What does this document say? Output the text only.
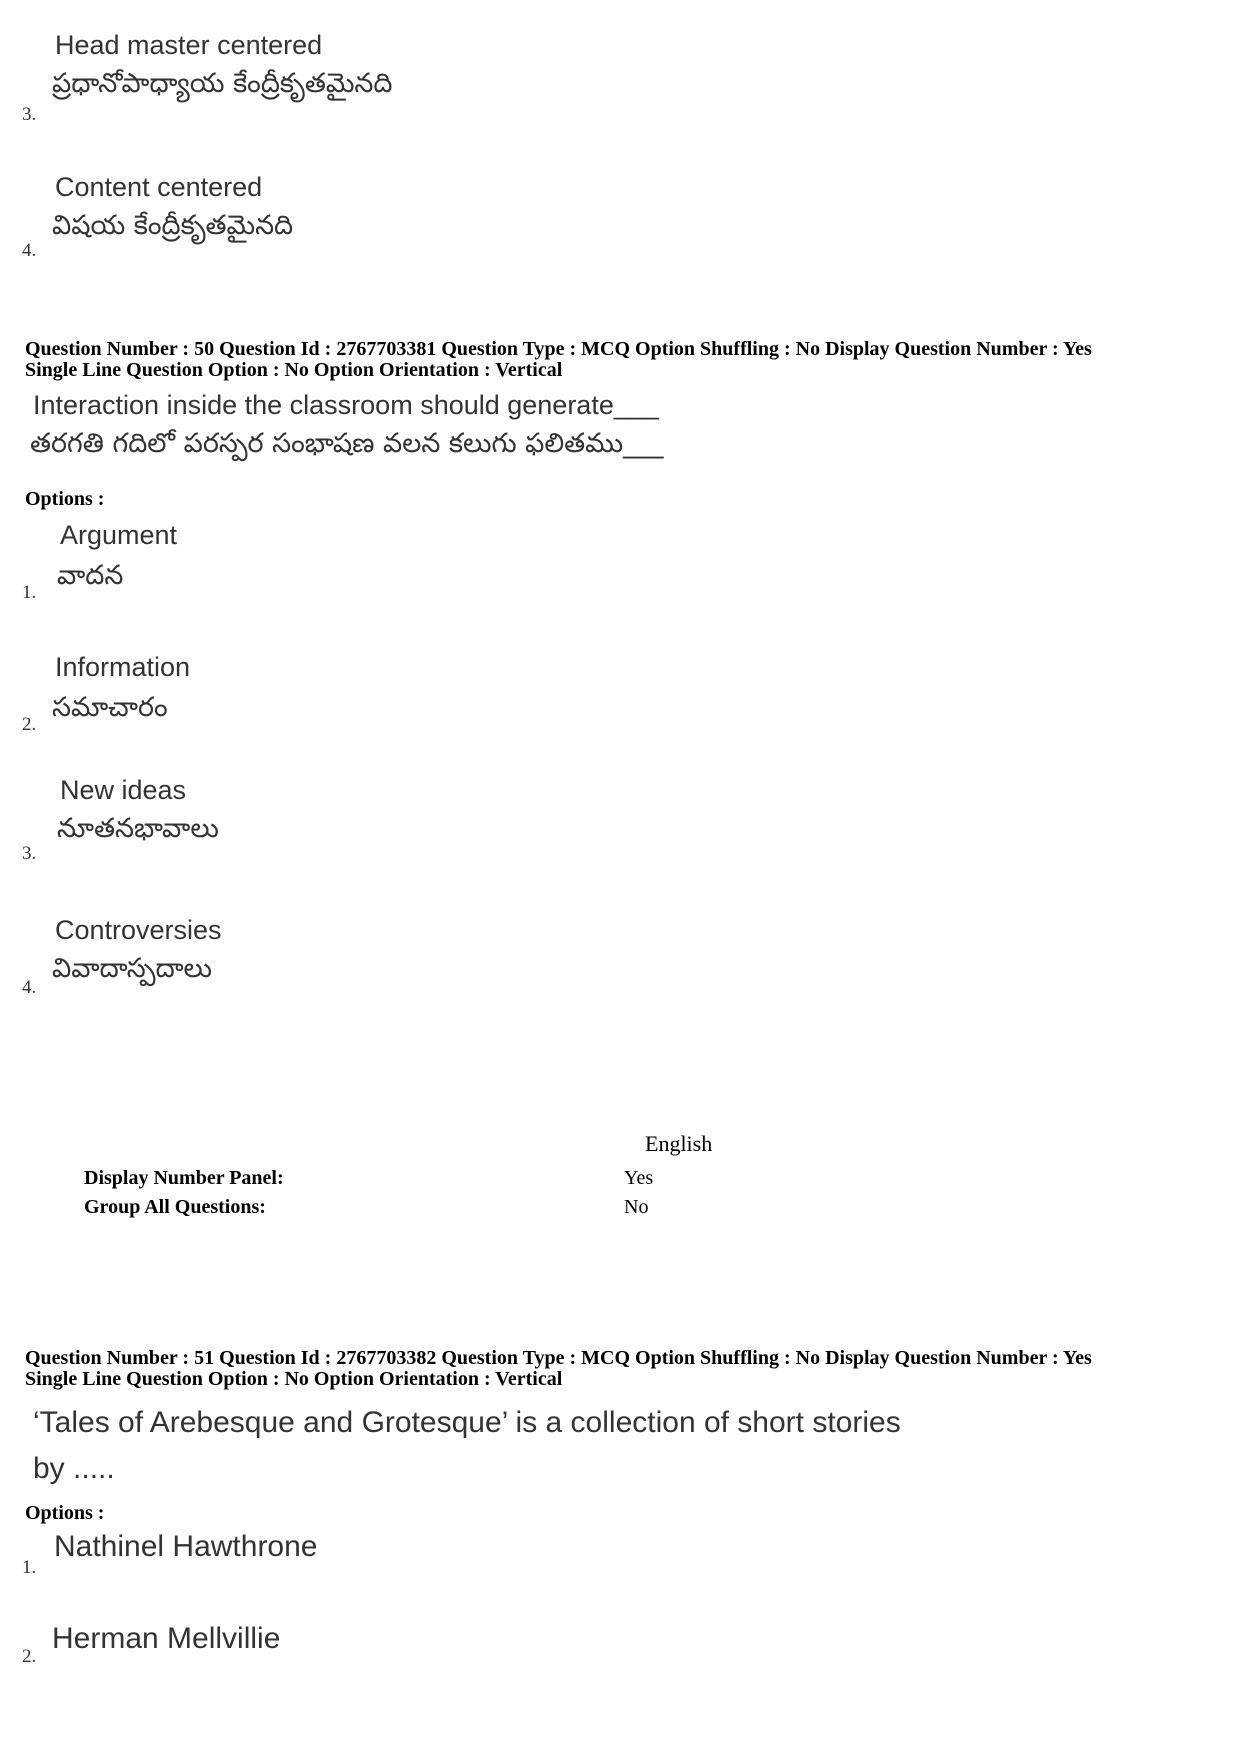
Head master centered
ప్రధానోపాధ్యాయ కేంద్రీకృతమైనది
3.
Content centered
విషయ కేంద్రీకృతమైనది
4.
Question Number : 50 Question Id : 2767703381 Question Type : MCQ Option Shuffling : No Display Question Number : Yes
Single Line Question Option : No Option Orientation : Vertical
Interaction inside the classroom should generate___
తరగతి గదిలో పరస్పర సంభాషణ వలన కలుగు ఫలితము___
Options :
Argument
వాదన
1.
Information
సమాచారం
2.
New ideas
నూతనభావాలు
3.
Controversies
వివాదాస్పదాలు
4.
English
Display Number Panel:	Yes
Group All Questions:	No
Question Number : 51 Question Id : 2767703382 Question Type : MCQ Option Shuffling : No Display Question Number : Yes
Single Line Question Option : No Option Orientation : Vertical
‘Tales of Arebesque and Grotesque’ is a collection of short stories
by .....
Options :
Nathinel Hawthrone
1.
Herman Mellvillie
2.
